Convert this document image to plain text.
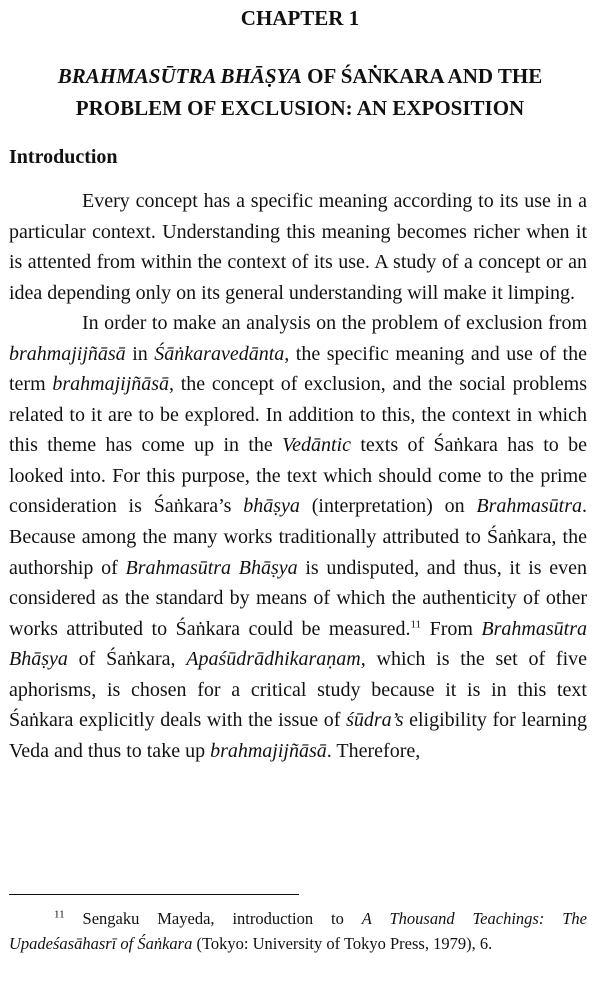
CHAPTER 1
BRAHMASŪTRA BHĀṢYA OF ŚAṄKARA AND THE
PROBLEM OF EXCLUSION: AN EXPOSITION
Introduction

Every concept has a specific meaning according to its use in a particular context. Understanding this meaning becomes richer when it is attented from within the context of its use. A study of a concept or an idea depending only on its general understanding will make it limping.

In order to make an analysis on the problem of exclusion from brahmajijñāsā in Śāṅkaravedānta, the specific meaning and use of the term brahmajijñāsā, the concept of exclusion, and the social problems related to it are to be explored. In addition to this, the context in which this theme has come up in the Vedāntic texts of Śaṅkara has to be looked into. For this purpose, the text which should come to the prime consideration is Śaṅkara’s bhāṣya (interpretation) on Brahmasūtra. Because among the many works traditionally attributed to Śaṅkara, the authorship of Brahmasūtra Bhāṣya is undisputed, and thus, it is even considered as the standard by means of which the authenticity of other works attributed to Śaṅkara could be measured.$^{11}$ From Brahmasūtra Bhāṣya of Śaṅkara, Apaśūdrādhikaraṇam, which is the set of five aphorisms, is chosen for a critical study because it is in this text Śaṅkara explicitly deals with the issue of śūdra’s eligibility for learning Veda and thus to take up brahmajijñāsā. Therefore,

$^{11}$ Sengaku Mayeda, introduction to A Thousand Teachings: The Upadeśasāhasrī of Śaṅkara (Tokyo: University of Tokyo Press, 1979), 6.
